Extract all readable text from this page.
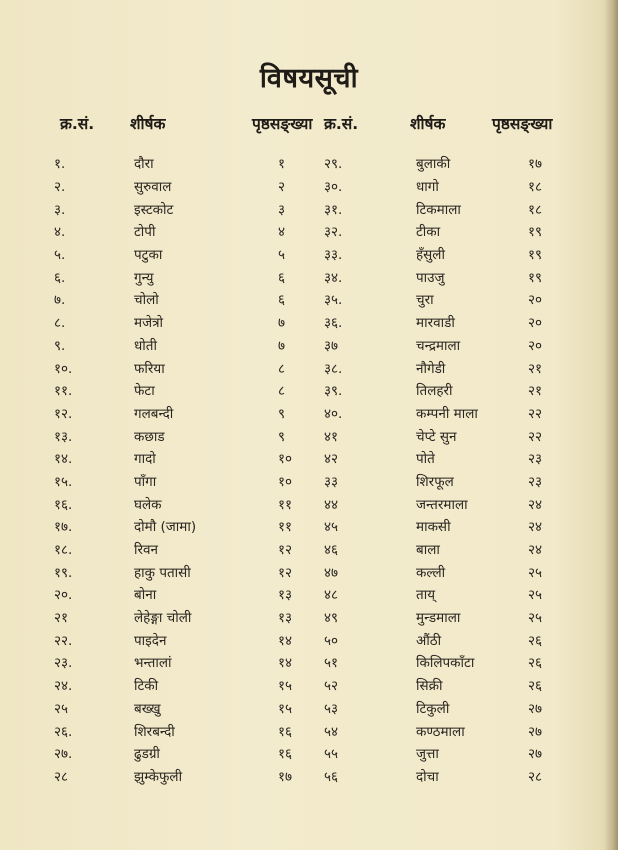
विषयसूची
क्र.सं.	शीर्षक	पृष्ठसङ्ख्या	क्र.सं.	शीर्षक	पृष्ठसङ्ख्या
१.	दौरा	१	२९.	बुलाकी	१७
२.	सुरुवाल	२	३०.	धागो	१८
३.	इस्टकोट	३	३१.	टिकमाला	१८
४.	टोपी	४	३२.	टीका	१९
५.	पटुका	५	३३.	हँसुली	१९
६.	गुन्यु	६	३४.	पाउजु	१९
७.	चोलो	६	३५.	चुरा	२०
८.	मजेत्रो	७	३६.	मारवाडी	२०
९.	धोती	७	३७	चन्द्रमाला	२०
१०.	फरिया	८	३८.	नौगेडी	२१
११.	फेटा	८	३९.	तिलहरी	२१
१२.	गलबन्दी	९	४०.	कम्पनी माला	२२
१३.	कछाड	९	४१	चेप्टे सुन	२२
१४.	गादो	१०	४२	पोते	२३
१५.	पाँगा	१०	३३	शिरफूल	२३
१६.	घलेक	११	४४	जन्तरमाला	२४
१७.	दोमौ (जामा)	११	४५	माकसी	२४
१८.	रिवन	१२	४६	बाला	२४
१९.	हाकु पतासी	१२	४७	कल्ली	२५
२०.	बोना	१३	४८	ताय्	२५
२१	लेहेङ्गा चोली	१३	४९	मुन्डमाला	२५
२२.	पाइदेन	१४	५०	औंठी	२६
२३.	भन्तालां	१४	५१	किलिपकाँटा	२६
२४.	टिकी	१५	५२	सिक्री	२६
२५	बख्खु	१५	५३	टिकुली	२७
२६.	शिरबन्दी	१६	५४	कण्ठमाला	२७
२७.	ढुडग्री	१६	५५	जुत्ता	२७
२८	झुम्केफुली	१७	५६	दोचा	२८
